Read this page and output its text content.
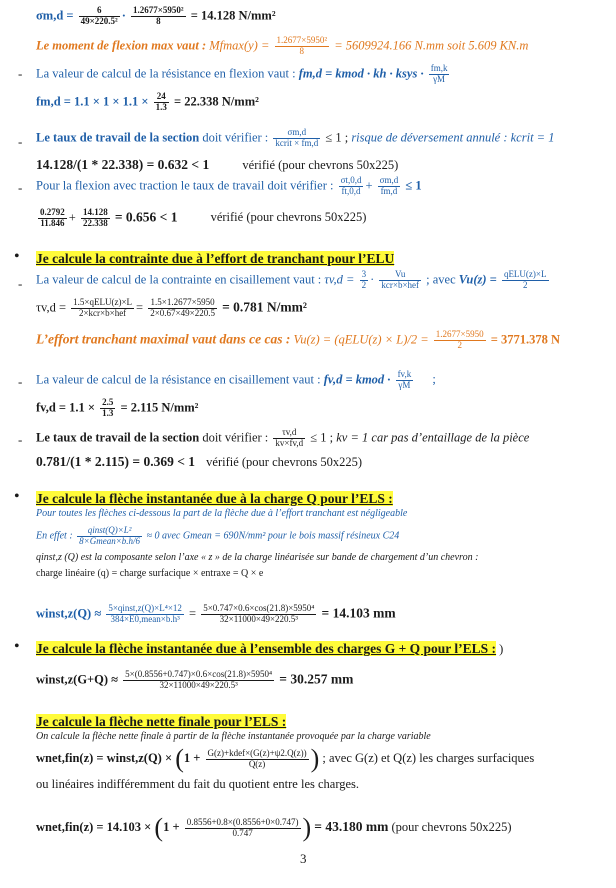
$\sigma m,d = \frac{6}{\text{49×220.5²}} \cdot \frac{\text{1.2677×5950²}}{8} = 14.128$ N/mm²
Le moment de flexion max vaut : $Mfmax(y) = \frac{\text{1.2677×5950²}}{8} = 5609924.166$ N.mm soit 5.609 KN.m
- La valeur de calcul de la résistance en flexion vaut : fm,d = kmod · kh · ksys · $\frac{fm,k}{\gamma M}$
$fm,d = 1.1 \times 1 \times 1.1 \times \frac{24}{1.3} = 22.338$ N/mm²
- Le taux de travail de la section doit vérifier : $\frac{\sigma m,d}{\text{kcrit × fm,d}} \le 1$ ; risque de déversement annulé : kcrit = 1
14.128/(1 * 22.338) = 0.632 < 1	vérifié (pour chevrons 50x225)
- Pour la flexion avec traction le taux de travail doit vérifier : $\frac{\sigma t,0,d}{ft,0,d} + \frac{\sigma m,d}{fm,d} \le 1$
$\frac{0.2792}{11.846} + \frac{14.128}{22.338} = 0.656 < 1$	vérifié (pour chevrons 50x225)
• Je calcule la contrainte due à l’effort de tranchant pour l’ELU
- La valeur de calcul de la contrainte en cisaillement vaut : $\tau v,d = \frac{3}{2} \cdot \frac{Vu}{\text{kcr×b×hef}}$ ; avec $Vu(z) = \frac{\text{qELU(z)×L}}{2}$
$\tau v,d = \frac{\text{1.5×qELU(z)×L}}{\text{2×kcr×b×hef}} = \frac{1.5\times 1.2677\times 5950}{2\times 0.67\times 49\times 220.5} = 0.781$ N/mm²
L’effort tranchant maximal vaut dans ce cas : Vu(z) = (qELU(z) × $L)/2 = \frac{1.2677\times 5950}{2} = 3771.378$ N
- La valeur de calcul de la résistance en cisaillement vaut : fv,d = kmod · $\frac{fv,k}{\gamma M}$ ;
$fv,d = 1.1 \times \frac{2.5}{1.3} = 2.115$ N/mm²
- Le taux de travail de la section doit vérifier : $\frac{\tau v,d}{kv\times fv,d} \le 1$ ; kv = 1 car pas d’entaillage de la pièce
0.781/(1 * 2.115) = 0.369 < 1 vérifié (pour chevrons 50x225)
• Je calcule la flèche instantanée due à la charge Q pour l’ELS :
Pour toutes les flèches ci-dessous la part de la flèche due à l’effort tranchant est négligeable
En effet : $\frac{\text{qinst(Q)×L²}}{\text{8×Gmean×b.h/6}} \approx 0$ avec Gmean = 690N/mm² pour le bois massif résineux C24
qinst,z (Q) est la composante selon l’axe « z » de la charge linéarisée sur bande de chargement d’un chevron :
charge linéaire (q) = charge surfacique × entraxe = Q × e
winst,z(Q) ≈ $\frac{\text{5×qinst,z(Q)×L⁴×12}}{\text{384×E0,mean×b.h³}} = \frac{\text{5×0.747×0.6×cos(21.8)×5950⁴}}{\text{32×11000×49×220.5³}} = 14.103$ mm
• Je calcule la flèche instantanée due à l’ensemble des charges G + Q pour l’ELS : )
winst,z(G+Q) ≈ $\frac{\text{5×(0.8556+0.747)×0.6×cos(21.8)×5950⁴}}{\text{32×11000×49×220.5³}} = 30.257$ mm
Je calcule la flèche nette finale pour l’ELS :
On calcule la flèche nette finale à partir de la flèche instantanée provoquée par la charge variable
wnet,fin(z) = winst,z(Q) × ($1 + \frac{\text{G(z)+kdef×(G(z)+ψ2.Q(z))}}{Q(z)}$ ) ; avec G(z) et Q(z) les charges surfaciques
ou linéaires indifféremment du fait du quotient entre les charges.
wnet,fin(z) = $14.103 \times (1 + \frac{0.8556+0.8\times(0.8556+0\times 0.747)}{0.747}$ ) = 43.180 mm (pour chevrons 50x225)
3
